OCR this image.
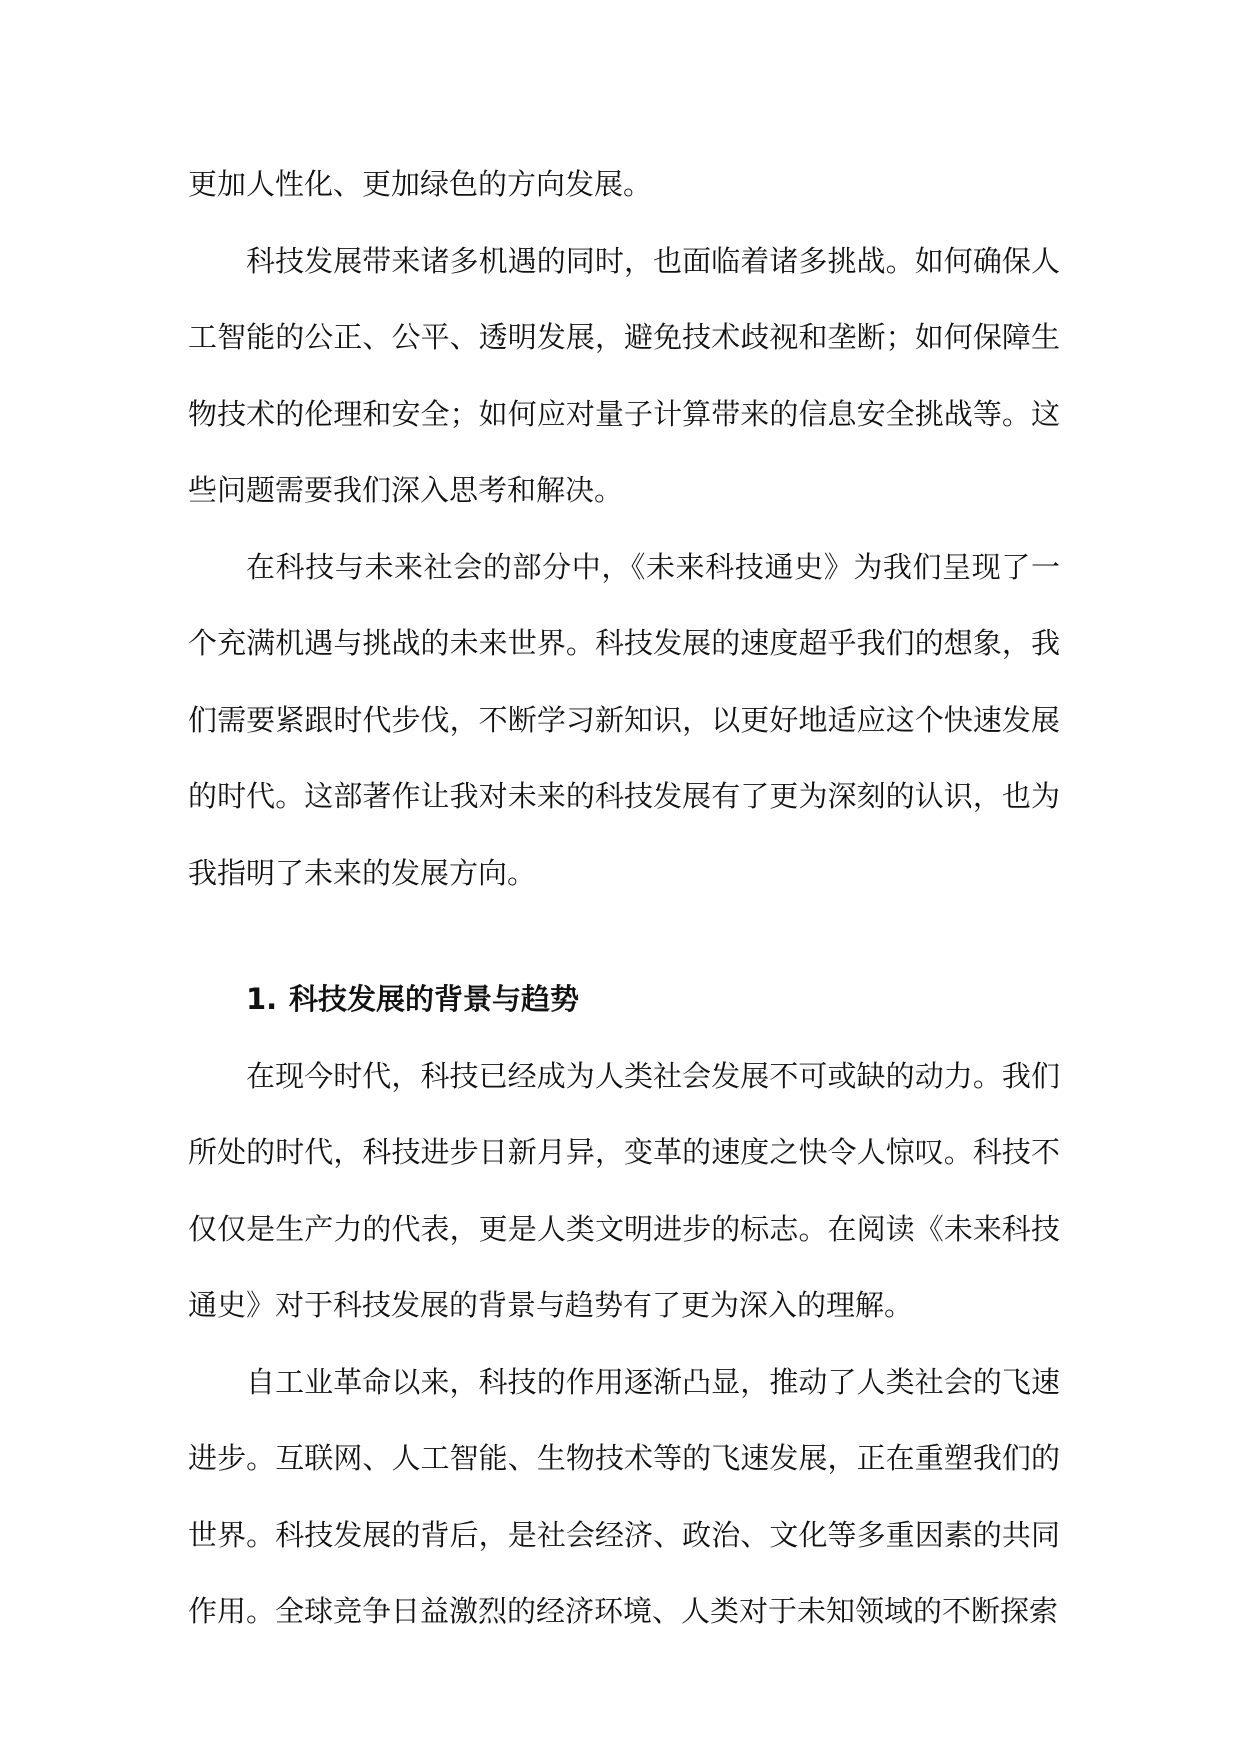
更加人性化、更加绿色的方向发展。

科技发展带来诸多机遇的同时，也面临着诸多挑战。如何确保人工智能的公正、公平、透明发展，避免技术歧视和垄断；如何保障生物技术的伦理和安全；如何应对量子计算带来的信息安全挑战等。这些问题需要我们深入思考和解决。

在科技与未来社会的部分中，《未来科技通史》为我们呈现了一个充满机遇与挑战的未来世界。科技发展的速度超乎我们的想象，我们需要紧跟时代步伐，不断学习新知识，以更好地适应这个快速发展的时代。这部著作让我对未来的科技发展有了更为深刻的认识，也为我指明了未来的发展方向。

1. 科技发展的背景与趋势

在现今时代，科技已经成为人类社会发展不可或缺的动力。我们所处的时代，科技进步日新月异，变革的速度之快令人惊叹。科技不仅仅是生产力的代表，更是人类文明进步的标志。在阅读《未来科技通史》对于科技发展的背景与趋势有了更为深入的理解。

自工业革命以来，科技的作用逐渐凸显，推动了人类社会的飞速进步。互联网、人工智能、生物技术等的飞速发展，正在重塑我们的世界。科技发展的背后，是社会经济、政治、文化等多重因素的共同作用。全球竞争日益激烈的经济环境、人类对于未知领域的不断探索
